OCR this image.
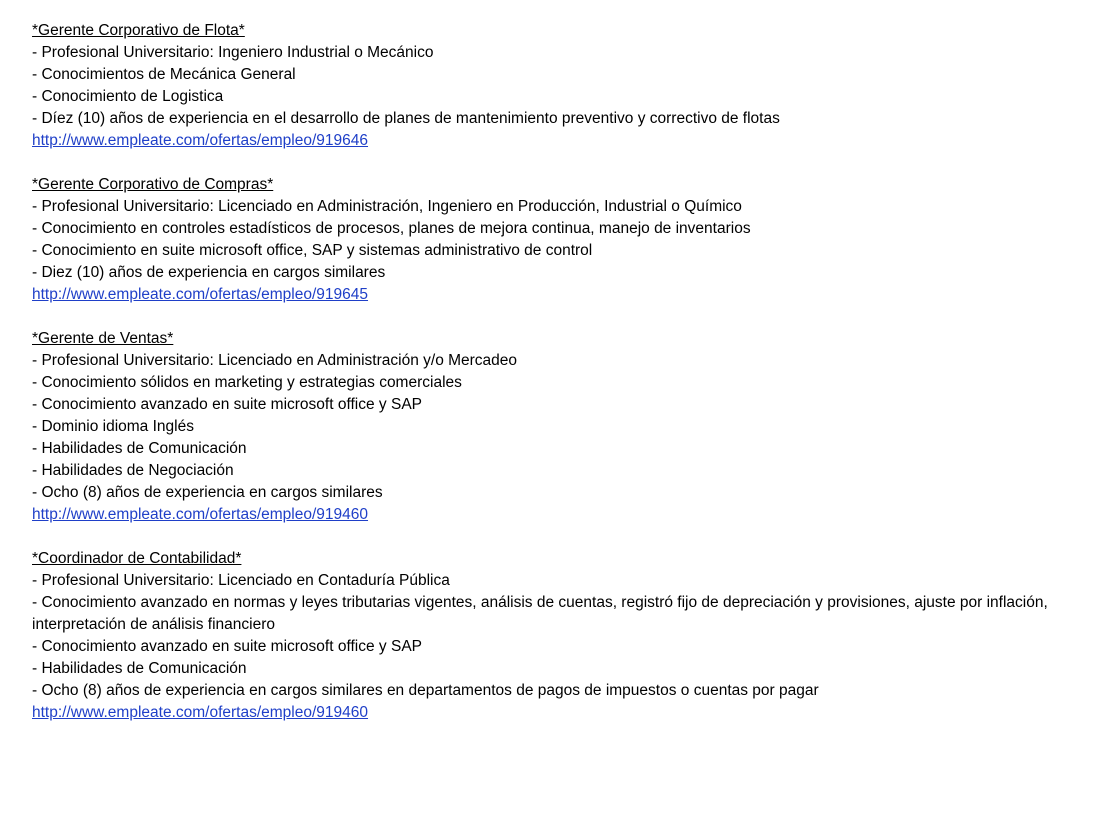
*Gerente Corporativo de Flota*
- Profesional Universitario: Ingeniero Industrial o Mecánico
- Conocimientos de Mecánica General
- Conocimiento de Logistica
- Díez (10) años de experiencia en el desarrollo de planes de mantenimiento preventivo y correctivo de flotas
http://www.empleate.com/ofertas/empleo/919646
*Gerente Corporativo de Compras*
- Profesional Universitario: Licenciado en Administración, Ingeniero en Producción, Industrial o Químico
- Conocimiento en controles estadísticos de procesos, planes de mejora continua, manejo de inventarios
- Conocimiento en suite microsoft office, SAP y sistemas administrativo de control
- Diez (10) años de experiencia en cargos similares
http://www.empleate.com/ofertas/empleo/919645
*Gerente de Ventas*
- Profesional Universitario: Licenciado en Administración y/o Mercadeo
- Conocimiento sólidos en marketing y estrategias comerciales
- Conocimiento avanzado en suite microsoft office y SAP
- Dominio idioma Inglés
- Habilidades de Comunicación
- Habilidades de Negociación
- Ocho (8) años de experiencia en cargos similares
http://www.empleate.com/ofertas/empleo/919460
*Coordinador de Contabilidad*
- Profesional Universitario: Licenciado en Contaduría Pública
- Conocimiento avanzado en normas y leyes tributarias vigentes, análisis de cuentas, registró fijo de depreciación y provisiones, ajuste por inflación, interpretación de análisis financiero
- Conocimiento avanzado en suite microsoft office y SAP
- Habilidades de Comunicación
- Ocho (8) años de experiencia en cargos similares en departamentos de pagos de impuestos o cuentas por pagar
http://www.empleate.com/ofertas/empleo/919460
